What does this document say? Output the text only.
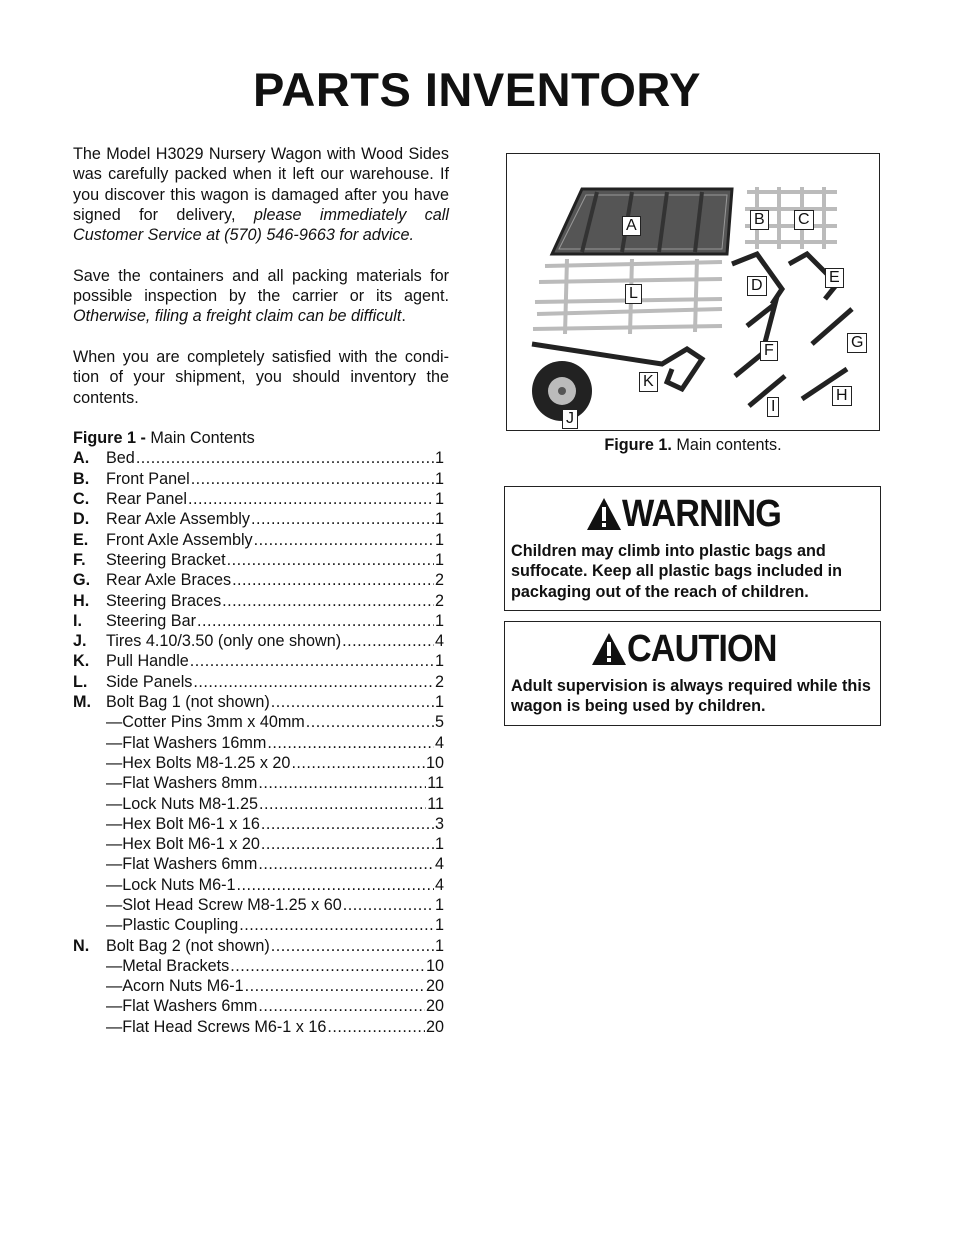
PARTS INVENTORY

The Model H3029 Nursery Wagon with Wood Sides was carefully packed when it left our warehouse. If you discover this wagon is damaged after you have signed for delivery, please immediately call Customer Service at (570) 546-9663 for advice.

Save the containers and all packing materials for possible inspection by the carrier or its agent. Otherwise, filing a freight claim can be difficult.

When you are completely satisfied with the condition of your shipment, you should inventory the contents.

Figure 1 - Main Contents
A.	Bed .....	1
B.	Front Panel .....	1
C.	Rear Panel .....	1
D.	Rear Axle Assembly .....	1
E.	Front Axle Assembly .....	1
F.	Steering Bracket .....	1
G. Rear Axle Braces .....	2
H.	Steering Braces .....	2
I.	Steering Bar .....	1
J.	Tires 4.10/3.50 (only one shown) .....	4
K.	Pull Handle .....	1
L.	Side Panels .....	2
M. Bolt Bag 1 (not shown) .....	1
—Cotter Pins 3mm x 40mm .....	5
—Flat Washers 16mm .....	4
—Hex Bolts M8-1.25 x 20 .....	10
—Flat Washers 8mm .....	11
—Lock Nuts M8-1.25 .....	11
—Hex Bolt M6-1 x 16 .....	3
—Hex Bolt M6-1 x 20 .....	1
—Flat Washers 6mm .....	4
—Lock Nuts M6-1 .....	4
—Slot Head Screw M8-1.25 x 60 .....	1
—Plastic Coupling .....	1
N.	Bolt Bag 2 (not shown) .....	1
—Metal Brackets .....	10
—Acorn Nuts M6-1 .....	20
—Flat Washers 6mm .....	20
—Flat Head Screws M6-1 x 16 .....	20
A	B C
D	E
F	G
H
I
J
K
L
Figure 1. Main contents.
WARNING
Children may climb into plastic bags and suffocate. Keep all plastic bags included in packaging out of the reach of children.
CAUTION
Adult supervision is always required while this wagon is being used by children.
